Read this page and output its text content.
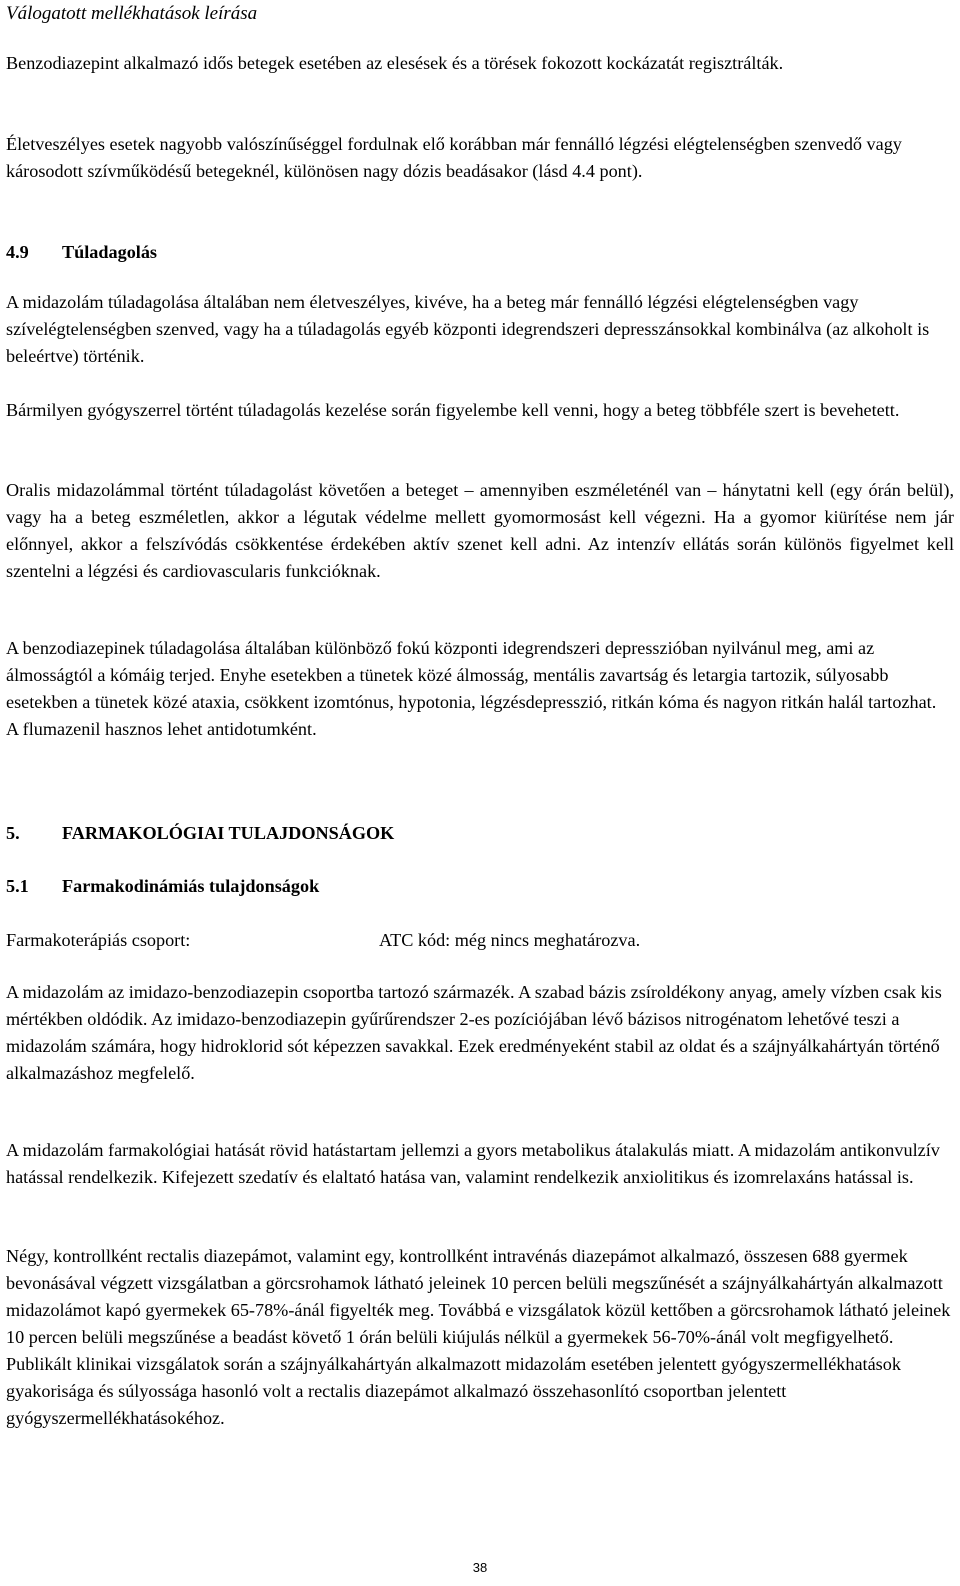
Válogatott mellékhatások leírása

Benzodiazepint alkalmazó idős betegek esetében az elesések és a törések fokozott kockázatát regisztrálták.

Életveszélyes esetek nagyobb valószínűséggel fordulnak elő korábban már fennálló légzési elégtelenségben szenvedő vagy károsodott szívműködésű betegeknél, különösen nagy dózis beadásakor (lásd 4.4 pont).

4.9 Túladagolás

A midazolám túladagolása általában nem életveszélyes, kivéve, ha a beteg már fennálló légzési elégtelenségben vagy szívelégtelenségben szenved, vagy ha a túladagolás egyéb központi idegrendszeri depresszánsokkal kombinálva (az alkoholt is beleértve) történik.

Bármilyen gyógyszerrel történt túladagolás kezelése során figyelembe kell venni, hogy a beteg többféle szert is bevehetett.

Oralis midazolámmal történt túladagolást követően a beteget – amennyiben eszméleténél van – hánytatni kell (egy órán belül), vagy ha a beteg eszméletlen, akkor a légutak védelme mellett gyomormosást kell végezni. Ha a gyomor kiürítése nem jár előnnyel, akkor a felszívódás csökkentése érdekében aktív szenet kell adni. Az intenzív ellátás során különös figyelmet kell szentelni a légzési és cardiovascularis funkcióknak.

A benzodiazepinek túladagolása általában különböző fokú központi idegrendszeri depresszióban nyilvánul meg, ami az álmosságtól a kómáig terjed. Enyhe esetekben a tünetek közé álmosság, mentális zavartság és letargia tartozik, súlyosabb esetekben a tünetek közé ataxia, csökkent izomtónus, hypotonia, légzésdepresszió, ritkán kóma és nagyon ritkán halál tartozhat.
A flumazenil hasznos lehet antidotumként.

5. FARMAKOLÓGIAI TULAJDONSÁGOK
5.1 Farmakodinámiás tulajdonságok
Farmakoterápiás csoport:	ATC kód: még nincs meghatározva.

A midazolám az imidazo-benzodiazepin csoportba tartozó származék. A szabad bázis zsíroldékony anyag, amely vízben csak kis mértékben oldódik. Az imidazo-benzodiazepin gyűrűrendszer 2-es pozíciójában lévő bázisos nitrogénatom lehetővé teszi a midazolám számára, hogy hidroklorid sót képezzen savakkal. Ezek eredményeként stabil az oldat és a szájnyálkahártyán történő alkalmazáshoz megfelelő.

A midazolám farmakológiai hatását rövid hatástartam jellemzi a gyors metabolikus átalakulás miatt. A midazolám antikonvulzív hatással rendelkezik. Kifejezett szedatív és elaltató hatása van, valamint rendelkezik anxiolitikus és izomrelaxáns hatással is.

Négy, kontrollként rectalis diazepámot, valamint egy, kontrollként intravénás diazepámot alkalmazó, összesen 688 gyermek bevonásával végzett vizsgálatban a görcsrohamok látható jeleinek 10 percen belüli megszűnését a szájnyálkahártyán alkalmazott midazolámot kapó gyermekek 65-78%-ánál figyelték meg. Továbbá e vizsgálatok közül kettőben a görcsrohamok látható jeleinek 10 percen belüli megszűnése a beadást követő 1 órán belüli kiújulás nélkül a gyermekek 56-70%-ánál volt megfigyelhető. Publikált klinikai vizsgálatok során a szájnyálkahártyán alkalmazott midazolám esetében jelentett gyógyszermellékhatások gyakorisága és súlyossága hasonló volt a rectalis diazepámot alkalmazó összehasonlító csoportban jelentett gyógyszermellékhatásokéhoz.

38
